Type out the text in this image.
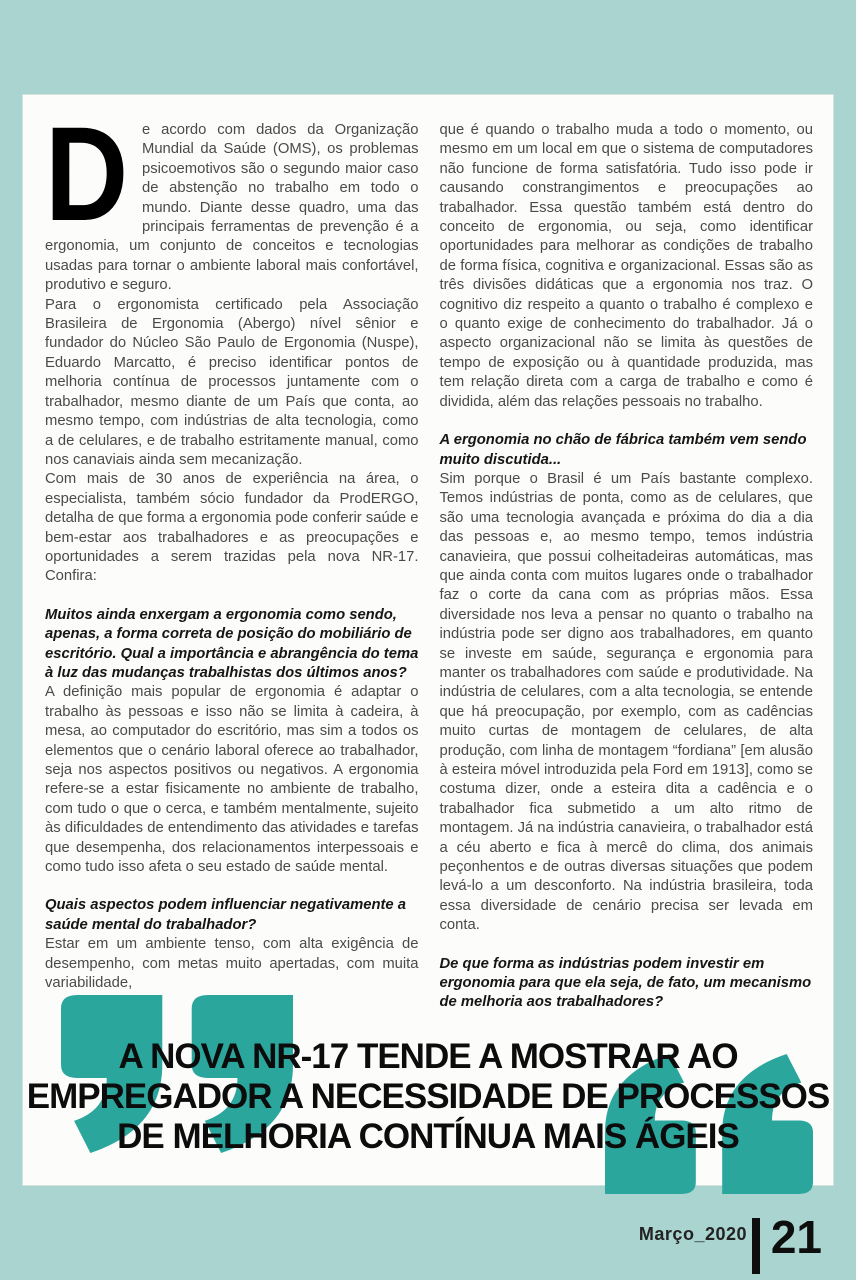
De acordo com dados da Organização Mundial da Saúde (OMS), os problemas psicoemotivos são o segundo maior caso de abstenção no trabalho em todo o mundo. Diante desse quadro, uma das principais ferramentas de prevenção é a ergonomia, um conjunto de conceitos e tecnologias usadas para tornar o ambiente laboral mais confortável, produtivo e seguro.

Para o ergonomista certificado pela Associação Brasileira de Ergonomia (Abergo) nível sênior e fundador do Núcleo São Paulo de Ergonomia (Nuspe), Eduardo Marcatto, é preciso identificar pontos de melhoria contínua de processos juntamente com o trabalhador, mesmo diante de um País que conta, ao mesmo tempo, com indústrias de alta tecnologia, como a de celulares, e de trabalho estritamente manual, como nos canaviais ainda sem mecanização.

Com mais de 30 anos de experiência na área, o especialista, também sócio fundador da ProdERGO, detalha de que forma a ergonomia pode conferir saúde e bem-estar aos trabalhadores e as preocupações e oportunidades a serem trazidas pela nova NR-17. Confira:

Muitos ainda enxergam a ergonomia como sendo, apenas, a forma correta de posição do mobiliário de escritório. Qual a importância e abrangência do tema à luz das mudanças trabalhistas dos últimos anos?

A definição mais popular de ergonomia é adaptar o trabalho às pessoas e isso não se limita à cadeira, à mesa, ao computador do escritório, mas sim a todos os elementos que o cenário laboral oferece ao trabalhador, seja nos aspectos positivos ou negativos. A ergonomia refere-se a estar fisicamente no ambiente de trabalho, com tudo o que o cerca, e também mentalmente, sujeito às dificuldades de entendimento das atividades e tarefas que desempenha, dos relacionamentos interpessoais e como tudo isso afeta o seu estado de saúde mental.

Quais aspectos podem influenciar negativamente a saúde mental do trabalhador?

Estar em um ambiente tenso, com alta exigência de desempenho, com metas muito apertadas, com muita variabilidade,

que é quando o trabalho muda a todo o momento, ou mesmo em um local em que o sistema de computadores não funcione de forma satisfatória. Tudo isso pode ir causando constrangimentos e preocupações ao trabalhador. Essa questão também está dentro do conceito de ergonomia, ou seja, como identificar oportunidades para melhorar as condições de trabalho de forma física, cognitiva e organizacional. Essas são as três divisões didáticas que a ergonomia nos traz. O cognitivo diz respeito a quanto o trabalho é complexo e o quanto exige de conhecimento do trabalhador. Já o aspecto organizacional não se limita às questões de tempo de exposição ou à quantidade produzida, mas tem relação direta com a carga de trabalho e como é dividida, além das relações pessoais no trabalho.

A ergonomia no chão de fábrica também vem sendo muito discutida...

Sim porque o Brasil é um País bastante complexo. Temos indústrias de ponta, como as de celulares, que são uma tecnologia avançada e próxima do dia a dia das pessoas e, ao mesmo tempo, temos indústria canavieira, que possui colheitadeiras automáticas, mas que ainda conta com muitos lugares onde o trabalhador faz o corte da cana com as próprias mãos. Essa diversidade nos leva a pensar no quanto o trabalho na indústria pode ser digno aos trabalhadores, em quanto se investe em saúde, segurança e ergonomia para manter os trabalhadores com saúde e produtividade. Na indústria de celulares, com a alta tecnologia, se entende que há preocupação, por exemplo, com as cadências muito curtas de montagem de celulares, de alta produção, com linha de montagem “fordiana” [em alusão à esteira móvel introduzida pela Ford em 1913], como se costuma dizer, onde a esteira dita a cadência e o trabalhador fica submetido a um alto ritmo de montagem. Já na indústria canavieira, o trabalhador está a céu aberto e fica à mercê do clima, dos animais peçonhentos e de outras diversas situações que podem levá-lo a um desconforto. Na indústria brasileira, toda essa diversidade de cenário precisa ser levada em conta.

De que forma as indústrias podem investir em ergonomia para que ela seja, de fato, um mecanismo de melhoria aos trabalhadores?

A NOVA NR-17 TENDE A MOSTRAR AO
EMPREGADOR A NECESSIDADE DE PROCESSOS
DE MELHORIA CONTÍNUA MAIS ÁGEIS
Março_2020 21
